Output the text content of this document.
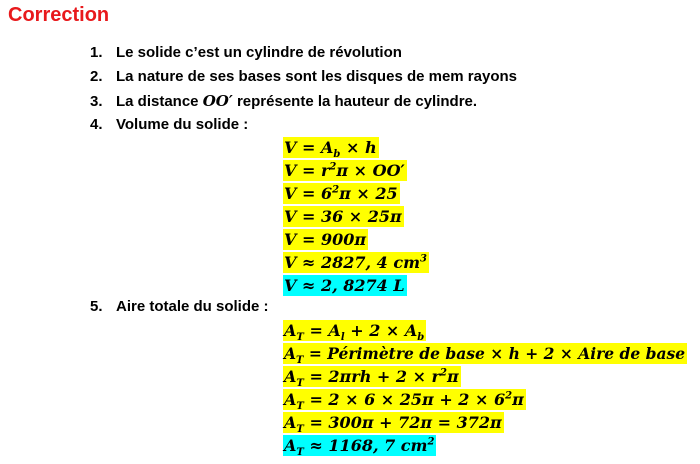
Correction
1. Le solide c’est un cylindre de révolution
2. La nature de ses bases sont les disques de mem rayons
3. La distance OO′ représente la hauteur de cylindre.
4. Volume du solide :
$V = A_b \times h$
$V = r^2\pi \times OO'$
$V = 6^2\pi \times 25$
V = 36 × 25π
V = 900π
V ≈ 2827, 4 $cm^3$
V ≈ 2, 8274 L
5. Aire totale du solide :
$A_T = A_l + 2 \times A_b$
$A_T$ = Périmètre de base × h + 2 × Aire de base
$A_T = 2\pi rh + 2 \times r^2\pi$
$A_T = 2 \times 6 \times 25\pi + 2 \times 6^2\pi$
$A_T = 300\pi + 72\pi = 372\pi$
$A_T \approx 1168$, 7 $cm^2$
